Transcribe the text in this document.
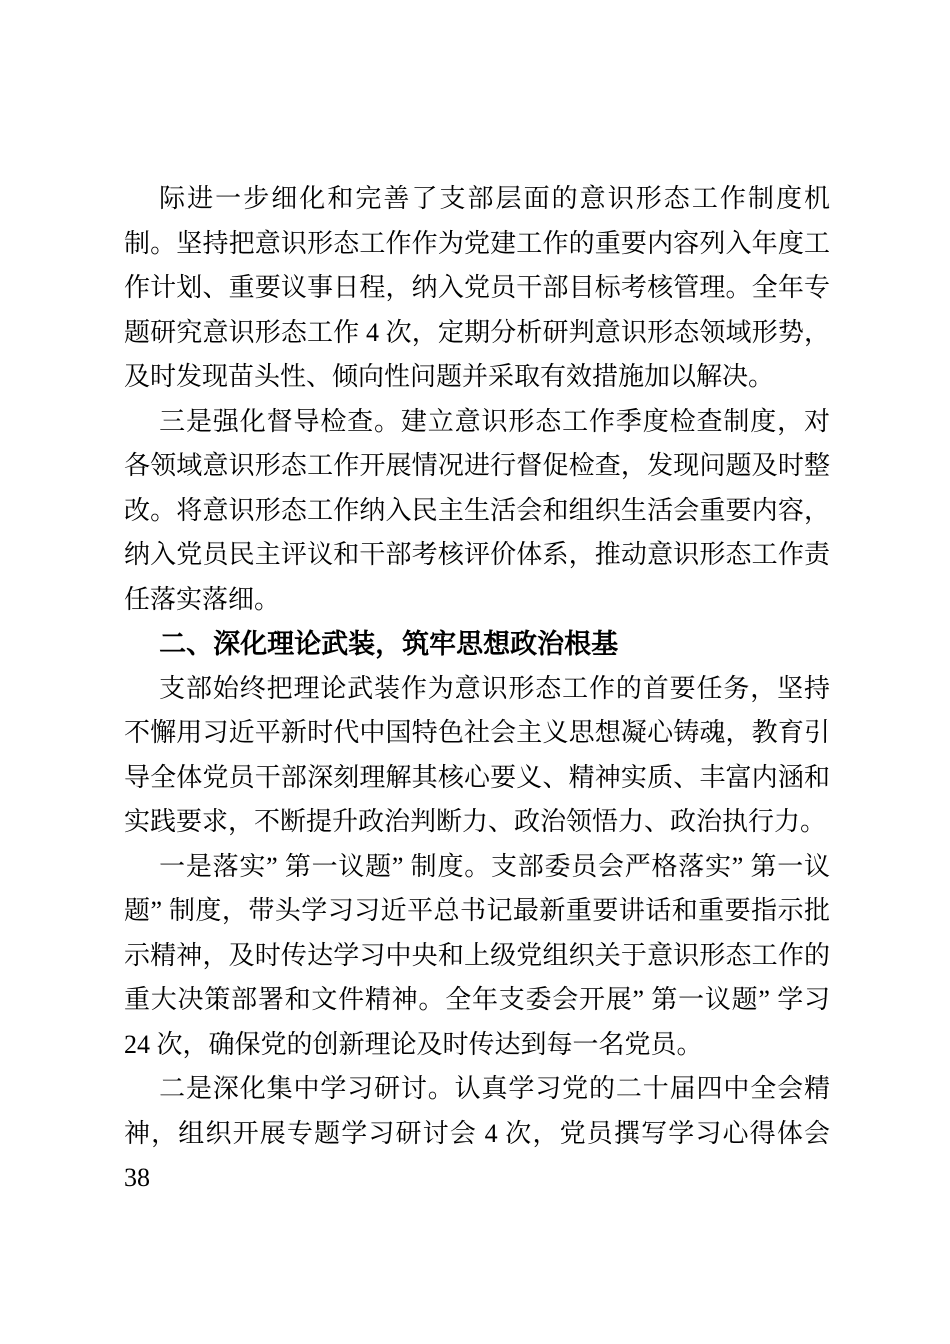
际进一步细化和完善了支部层面的意识形态工作制度机制。坚持把意识形态工作作为党建工作的重要内容列入年度工作计划、重要议事日程，纳入党员干部目标考核管理。全年专题研究意识形态工作 4 次，定期分析研判意识形态领域形势，及时发现苗头性、倾向性问题并采取有效措施加以解决。

三是强化督导检查。建立意识形态工作季度检查制度，对各领域意识形态工作开展情况进行督促检查，发现问题及时整改。将意识形态工作纳入民主生活会和组织生活会重要内容，纳入党员民主评议和干部考核评价体系，推动意识形态工作责任落实落细。

二、深化理论武装，筑牢思想政治根基

支部始终把理论武装作为意识形态工作的首要任务，坚持不懈用习近平新时代中国特色社会主义思想凝心铸魂，教育引导全体党员干部深刻理解其核心要义、精神实质、丰富内涵和实践要求，不断提升政治判断力、政治领悟力、政治执行力。

一是落实” 第一议题” 制度。支部委员会严格落实” 第一议题” 制度，带头学习习近平总书记最新重要讲话和重要指示批示精神，及时传达学习中央和上级党组织关于意识形态工作的重大决策部署和文件精神。全年支委会开展” 第一议题” 学习 24 次，确保党的创新理论及时传达到每一名党员。

二是深化集中学习研讨。认真学习党的二十届四中全会精神，组织开展专题学习研讨会 4 次，党员撰写学习心得体会 38
